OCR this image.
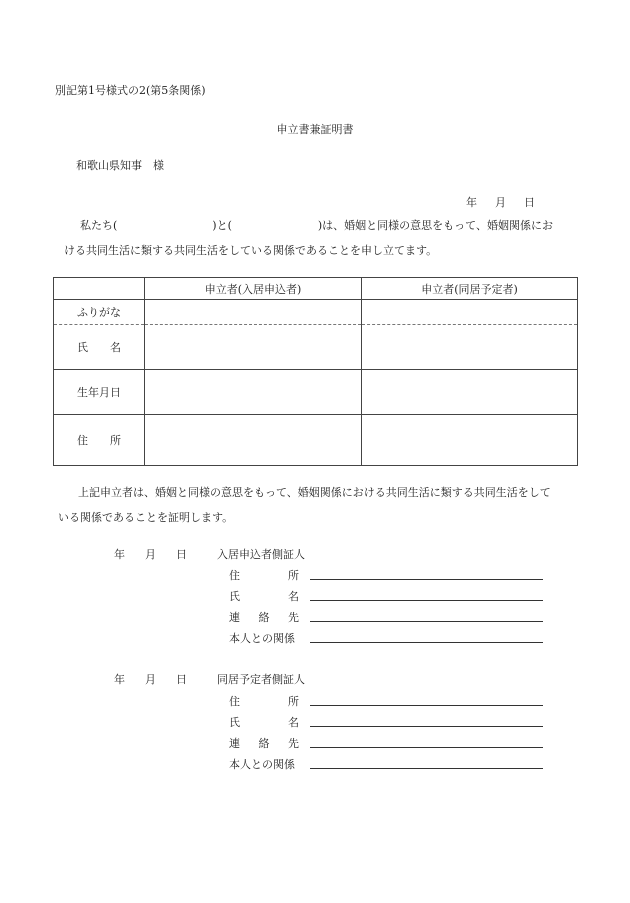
別記第1号様式の2(第5条関係)
申立書兼証明書
和歌山県知事　様
年 月 日
私たち(	)と(	)は、婚姻と同様の意思をもって、婚姻関係にお
ける共同生活に類する共同生活をしている関係であることを申し立てます。
	申立者(入居申込者)	申立者(同居予定者)
ふりがな		

氏 名		

生年月日		

住 所		

上記申立者は、婚姻と同様の意思をもって、婚姻関係における共同生活に類する共同生活をして
いる関係であることを証明します。
年 月 日	入居申込者側証人
住	所
氏	名
連 絡 先
本人との関係
年 月 日	同居予定者側証人
住	所
氏	名
連 絡 先
本人との関係
